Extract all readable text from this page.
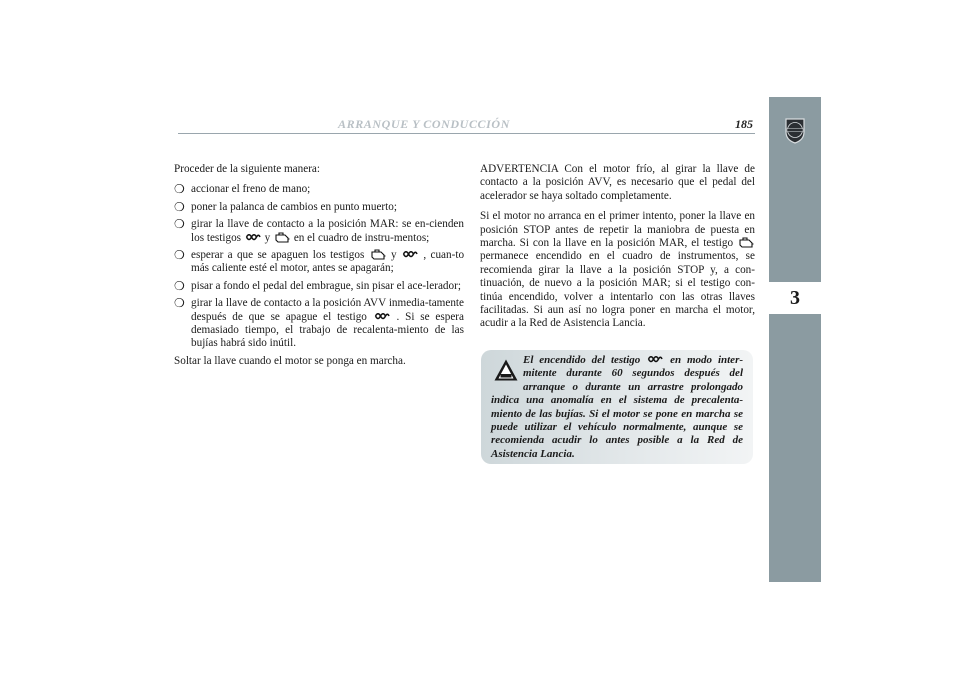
ARRANQUE Y CONDUCCIÓN	185
3

Proceder de la siguiente manera:

❍ accionar el freno de mano;
❍ poner la palanca de cambios en punto muerto;
❍ girar la llave de contacto a la posición MAR: se en-cienden los testigos y en el cuadro de instru-mentos;
❍ esperar a que se apaguen los testigos y , cuan-to más caliente esté el motor, antes se apagarán;
❍ pisar a fondo el pedal del embrague, sin pisar el ace-lerador;
❍ girar la llave de contacto a la posición AVV inmedia-tamente después de que se apague el testigo	. Si se espera demasiado tiempo, el trabajo de recalenta-miento de las bujías habrá sido inútil.

Soltar la llave cuando el motor se ponga en marcha.

ADVERTENCIA Con el motor frío, al girar la llave de contacto a la posición AVV, es necesario que el pedal del acelerador se haya soltado completamente.

Si el motor no arranca en el primer intento, poner la llave en posición STOP antes de repetir la maniobra de puesta en marcha. Si con la llave en la posición MAR, el testigo  permanece encendido en el cuadro de instrumentos, se recomienda girar la llave a la posición STOP y, a con-tinuación, de nuevo a la posición MAR; si el testigo con-tinúa encendido, volver a intentarlo con las otras llaves facilitadas. Si aun así no logra poner en marcha el motor, acudir a la Red de Asistencia Lancia.

El encendido del testigo	en modo inter-mitente durante 60 segundos después del arranque o durante un arrastre prolongado indica una anomalía en el sistema de precalenta-miento de las bujías. Si el motor se pone en marcha se puede utilizar el vehículo normalmente, aunque se recomienda acudir lo antes posible a la Red de Asistencia Lancia.
